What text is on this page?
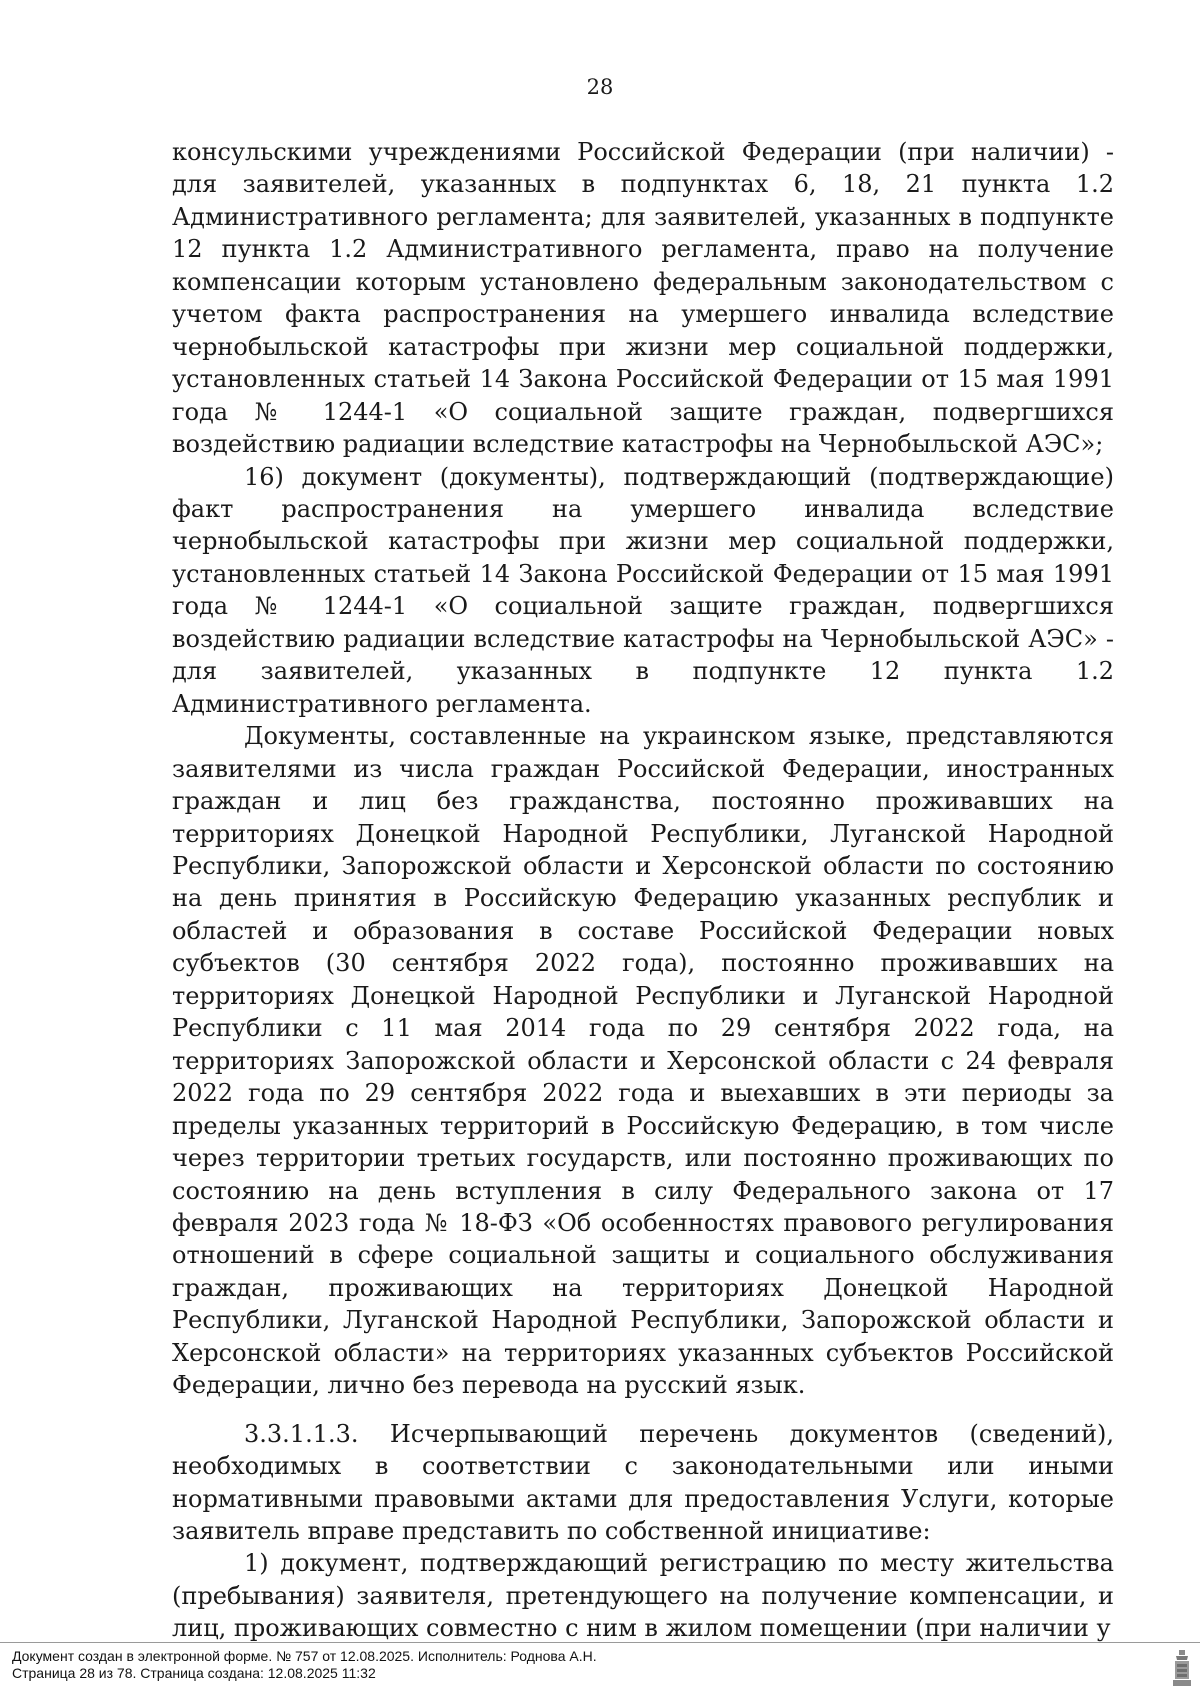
28

консульскими учреждениями Российской Федерации (при наличии) - для заявителей, указанных в подпунктах 6, 18, 21 пункта 1.2 Административного регламента; для заявителей, указанных в подпункте 12 пункта 1.2 Административного регламента, право на получение компенсации которым установлено федеральным законодательством с учетом факта распространения на умершего инвалида вследствие чернобыльской катастрофы при жизни мер социальной поддержки, установленных статьей 14 Закона Российской Федерации от 15 мая 1991 года № 1244-1 «О социальной защите граждан, подвергшихся воздействию радиации вследствие катастрофы на Чернобыльской АЭС»;

16) документ (документы), подтверждающий (подтверждающие) факт распространения на умершего инвалида вследствие чернобыльской катастрофы при жизни мер социальной поддержки, установленных статьей 14 Закона Российской Федерации от 15 мая 1991 года № 1244-1 «О социальной защите граждан, подвергшихся воздействию радиации вследствие катастрофы на Чернобыльской АЭС» - для заявителей, указанных в подпункте 12 пункта 1.2 Административного регламента.

Документы, составленные на украинском языке, представляются заявителями из числа граждан Российской Федерации, иностранных граждан и лиц без гражданства, постоянно проживавших на территориях Донецкой Народной Республики, Луганской Народной Республики, Запорожской области и Херсонской области по состоянию на день принятия в Российскую Федерацию указанных республик и областей и образования в составе Российской Федерации новых субъектов (30 сентября 2022 года), постоянно проживавших на территориях Донецкой Народной Республики и Луганской Народной Республики с 11 мая 2014 года по 29 сентября 2022 года, на территориях Запорожской области и Херсонской области с 24 февраля 2022 года по 29 сентября 2022 года и выехавших в эти периоды за пределы указанных территорий в Российскую Федерацию, в том числе через территории третьих государств, или постоянно проживающих по состоянию на день вступления в силу Федерального закона от 17 февраля 2023 года № 18-ФЗ «Об особенностях правового регулирования отношений в сфере социальной защиты и социального обслуживания граждан, проживающих на территориях Донецкой Народной Республики, Луганской Народной Республики, Запорожской области и Херсонской области» на территориях указанных субъектов Российской Федерации, лично без перевода на русский язык.

3.3.1.1.3. Исчерпывающий перечень документов (сведений), необходимых в соответствии с законодательными или иными нормативными правовыми актами для предоставления Услуги, которые заявитель вправе представить по собственной инициативе:

1) документ, подтверждающий регистрацию по месту жительства (пребывания) заявителя, претендующего на получение компенсации, и лиц, проживающих совместно с ним в жилом помещении (при наличии у

Документ создан в электронной форме. № 757 от 12.08.2025. Исполнитель: Роднова А.Н.
Страница 28 из 78. Страница создана: 12.08.2025 11:32
